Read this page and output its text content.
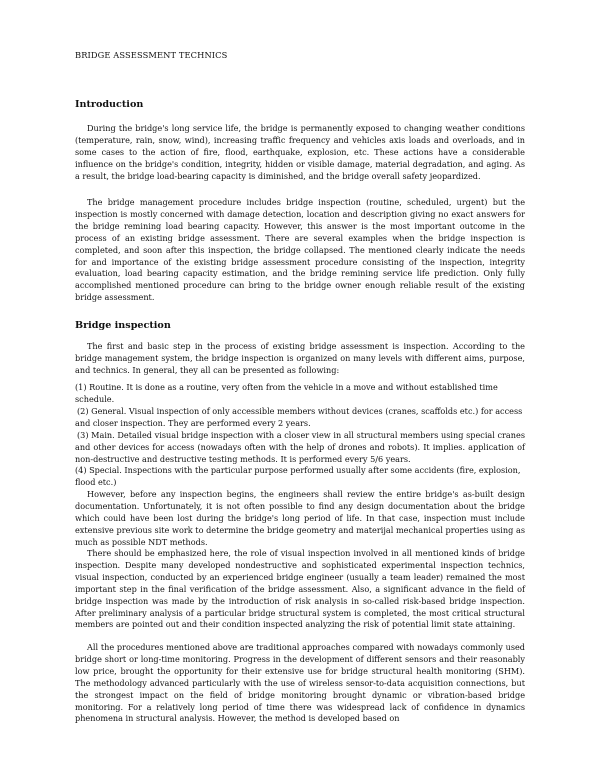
BRIDGE ASSESSMENT TECHNICS
Introduction

During the bridge's long service life, the bridge is permanently exposed to changing weather conditions (temperature, rain, snow, wind), increasing traffic frequency and vehicles axis loads and overloads, and in some cases to the action of fire, flood, earthquake, explosion, etc. These actions have a considerable influence on the bridge's condition, integrity, hidden or visible damage, material degradation, and aging. As a result, the bridge load-bearing capacity is diminished, and the bridge overall safety jeopardized.

The bridge management procedure includes bridge inspection (routine, scheduled, urgent) but the inspection is mostly concerned with damage detection, location and description giving no exact answers for the bridge remining load bearing capacity. However, this answer is the most important outcome in the process of an existing bridge assessment. There are several examples when the bridge inspection is completed, and soon after this inspection, the bridge collapsed. The mentioned clearly indicate the needs for and importance of the existing bridge assessment procedure consisting of the inspection, integrity evaluation, load bearing capacity estimation, and the bridge remining service life prediction. Only fully accomplished mentioned procedure can bring to the bridge owner enough reliable result of the existing bridge assessment.

Bridge inspection

The first and basic step in the process of existing bridge assessment is inspection. According to the bridge management system, the bridge inspection is organized on many levels with different aims, purpose, and technics. In general, they all can be presented as following:

(1) Routine. It is done as a routine, very often from the vehicle in a move and without established time schedule.

(2) General. Visual inspection of only accessible members without devices (cranes, scaffolds etc.) for access and closer inspection. They are performed every 2 years.

(3) Main. Detailed visual bridge inspection with a closer view in all structural members using special cranes and other devices for access (nowadays often with the help of drones and robots). It implies. application of non-destructive and destructive testing methods. It is performed every 5/6 years.

(4) Special. Inspections with the particular purpose performed usually after some accidents (fire, explosion, flood etc.)

However, before any inspection begins, the engineers shall review the entire bridge's as-built design documentation. Unfortunately, it is not often possible to find any design documentation about the bridge which could have been lost during the bridge's long period of life. In that case, inspection must include extensive previous site work to determine the bridge geometry and materijal mechanical properties using as much as possible NDT methods.

There should be emphasized here, the role of visual inspection involved in all mentioned kinds of bridge inspection. Despite many developed nondestructive and sophisticated experimental inspection technics, visual inspection, conducted by an experienced bridge engineer (usually a team leader) remained the most important step in the final verification of the bridge assessment. Also, a significant advance in the field of bridge inspection was made by the introduction of risk analysis in so-called risk-based bridge inspection. After preliminary analysis of a particular bridge structural system is completed, the most critical structural members are pointed out and their condition inspected analyzing the risk of potential limit state attaining.

All the procedures mentioned above are traditional approaches compared with nowadays commonly used bridge short or long-time monitoring. Progress in the development of different sensors and their reasonably low price, brought the opportunity for their extensive use for bridge structural health monitoring (SHM). The methodology advanced particularly with the use of wireless sensor-to-data acquisition connections, but the strongest impact on the field of bridge monitoring brought dynamic or vibration-based bridge monitoring. For a relatively long period of time there was widespread lack of confidence in dynamics phenomena in structural analysis. However, the method is developed based on
